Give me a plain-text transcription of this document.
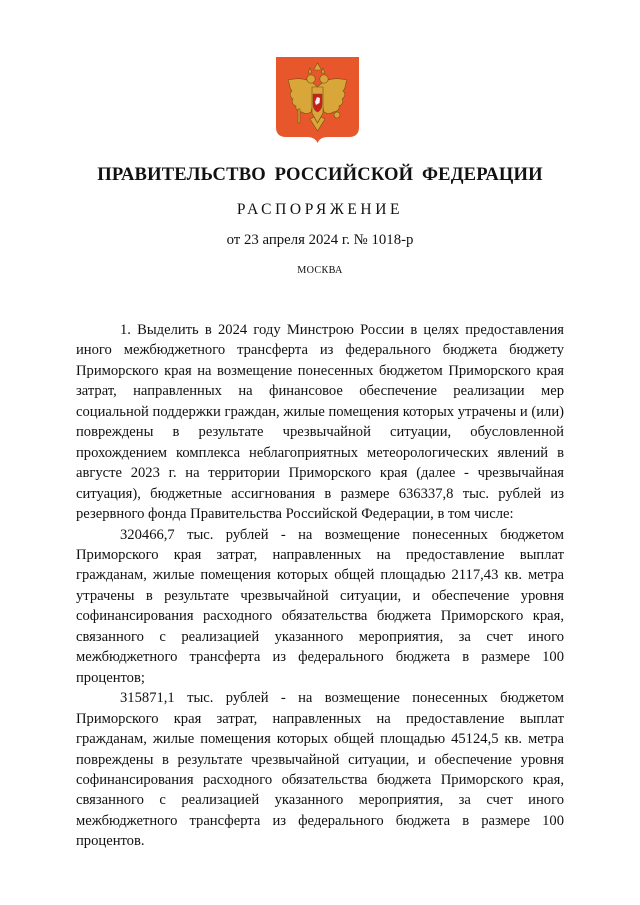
ПРАВИТЕЛЬСТВО РОССИЙСКОЙ ФЕДЕРАЦИИ
РАСПОРЯЖЕНИЕ
от 23 апреля 2024 г. № 1018-р
МОСКВА

1. Выделить в 2024 году Минстрою России в целях предоставления иного межбюджетного трансферта из федерального бюджета бюджету Приморского края на возмещение понесенных бюджетом Приморского края затрат, направленных на финансовое обеспечение реализации мер социальной поддержки граждан, жилые помещения которых утрачены и (или) повреждены в результате чрезвычайной ситуации, обусловленной прохождением комплекса неблагоприятных метеорологических явлений в августе 2023 г. на территории Приморского края (далее - чрезвычайная ситуация), бюджетные ассигнования в размере 636337,8 тыс. рублей из резервного фонда Правительства Российской Федерации, в том числе:

320466,7 тыс. рублей - на возмещение понесенных бюджетом Приморского края затрат, направленных на предоставление выплат гражданам, жилые помещения которых общей площадью 2117,43 кв. метра утрачены в результате чрезвычайной ситуации, и обеспечение уровня софинансирования расходного обязательства бюджета Приморского края, связанного с реализацией указанного мероприятия, за счет иного межбюджетного трансферта из федерального бюджета в размере 100 процентов;

315871,1 тыс. рублей - на возмещение понесенных бюджетом Приморского края затрат, направленных на предоставление выплат гражданам, жилые помещения которых общей площадью 45124,5 кв. метра повреждены в результате чрезвычайной ситуации, и обеспечение уровня софинансирования расходного обязательства бюджета Приморского края, связанного с реализацией указанного мероприятия, за счет иного межбюджетного трансферта из федерального бюджета в размере 100 процентов.
